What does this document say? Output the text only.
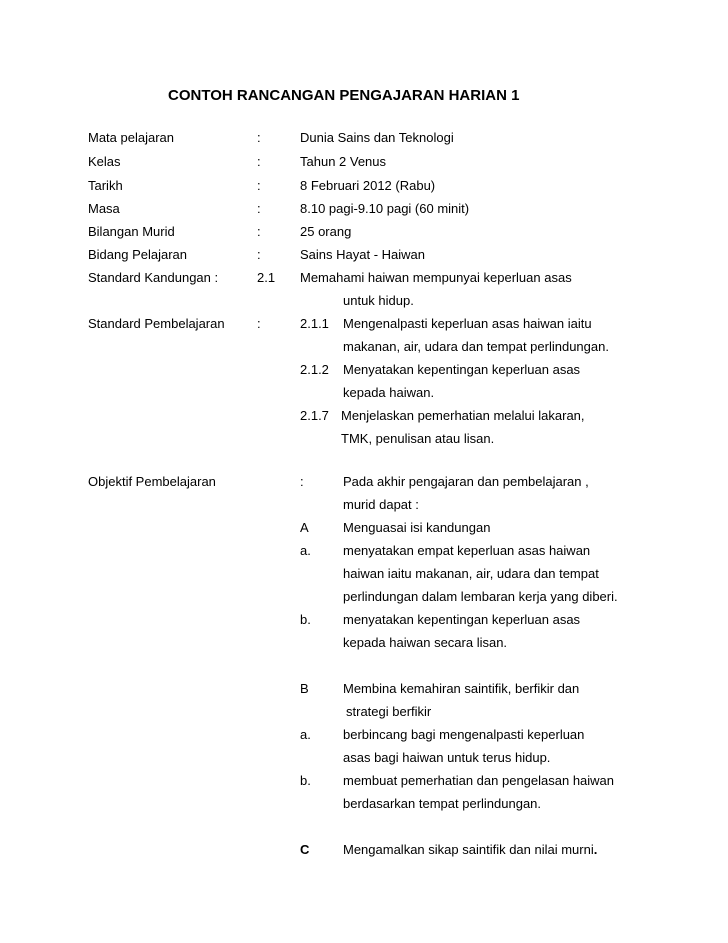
CONTOH RANCANGAN PENGAJARAN HARIAN 1
Mata pelajaran	:	Dunia Sains dan Teknologi
Kelas	:	Tahun 2 Venus
Tarikh	:	8 Februari 2012 (Rabu)
Masa	:	8.10 pagi-9.10 pagi (60 minit)
Bilangan Murid	:	25 orang
Bidang Pelajaran	:	Sains Hayat - Haiwan
Standard Kandungan :	2.1 Memahami haiwan mempunyai keperluan asas
untuk hidup.
Standard Pembelajaran :	2.1.1 Mengenalpasti keperluan asas haiwan iaitu
makanan, air, udara dan tempat perlindungan.
2.1.2 Menyatakan kepentingan keperluan asas
kepada haiwan.
2.1.7 Menjelaskan pemerhatian melalui lakaran,
TMK, penulisan atau lisan.
Objektif Pembelajaran	:	Pada akhir pengajaran dan pembelajaran ,
murid dapat :
A	Menguasai isi kandungan
a. menyatakan empat keperluan asas haiwan
haiwan iaitu makanan, air, udara dan tempat
perlindungan dalam lembaran kerja yang diberi.
b. menyatakan kepentingan keperluan asas
kepada haiwan secara lisan.
B	Membina kemahiran saintifik, berfikir dan
strategi berfikir
a. berbincang bagi mengenalpasti keperluan
asas bagi haiwan untuk terus hidup.
b. membuat pemerhatian dan pengelasan haiwan
berdasarkan tempat perlindungan.
C	Mengamalkan sikap saintifik dan nilai murni.
